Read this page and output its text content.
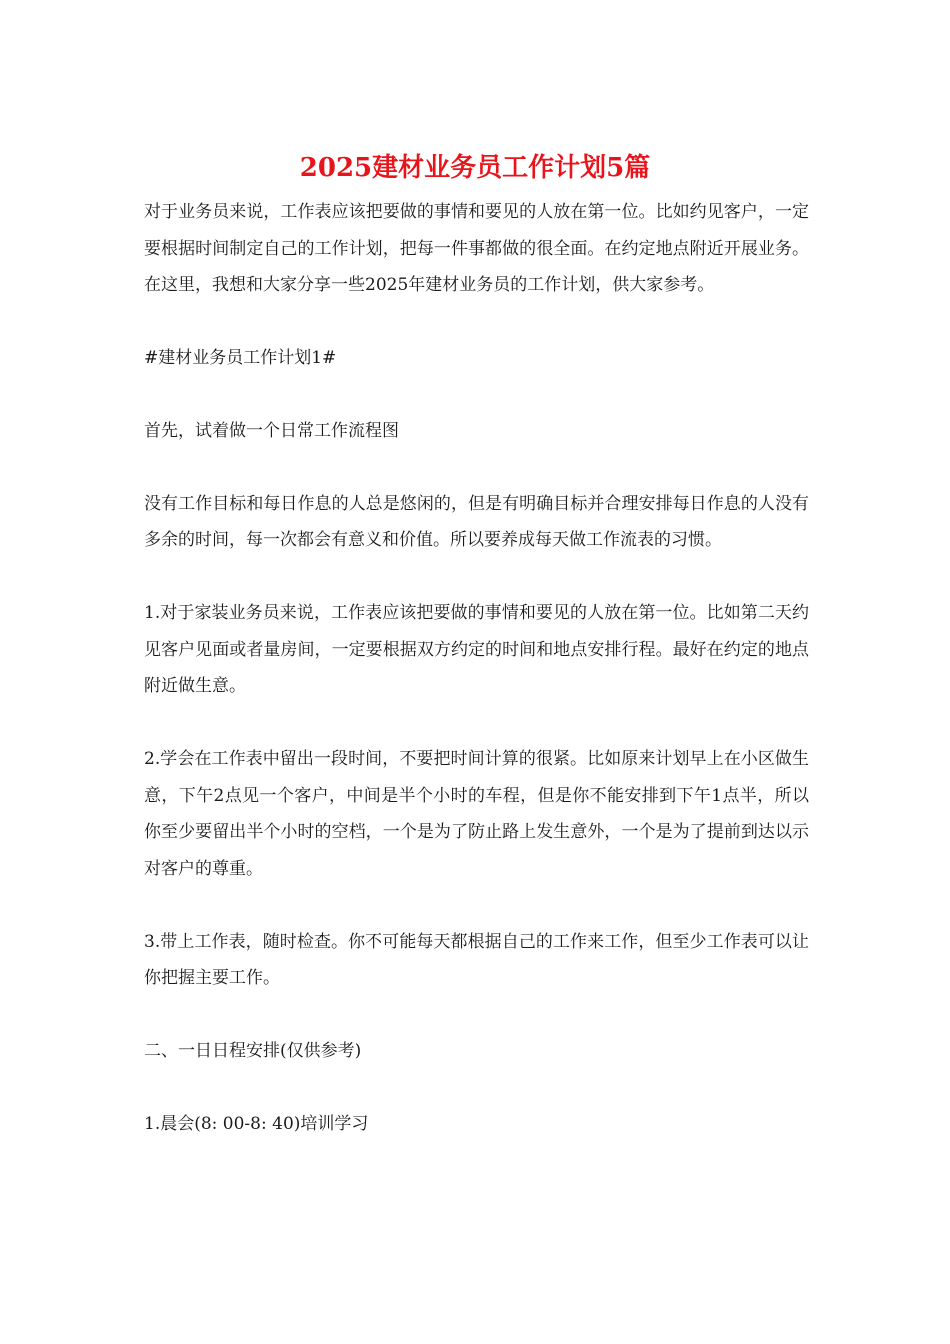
2025建材业务员工作计划5篇

对于业务员来说，工作表应该把要做的事情和要见的人放在第一位。比如约见客户，一定要根据时间制定自己的工作计划，把每一件事都做的很全面。在约定地点附近开展业务。在这里，我想和大家分享一些2025年建材业务员的工作计划，供大家参考。

#建材业务员工作计划1#

首先，试着做一个日常工作流程图

没有工作目标和每日作息的人总是悠闲的，但是有明确目标并合理安排每日作息的人没有多余的时间，每一次都会有意义和价值。所以要养成每天做工作流表的习惯。

1.对于家装业务员来说，工作表应该把要做的事情和要见的人放在第一位。比如第二天约见客户见面或者量房间，一定要根据双方约定的时间和地点安排行程。最好在约定的地点附近做生意。

2.学会在工作表中留出一段时间，不要把时间计算的很紧。比如原来计划早上在小区做生意，下午2点见一个客户，中间是半个小时的车程，但是你不能安排到下午1点半，所以你至少要留出半个小时的空档，一个是为了防止路上发生意外，一个是为了提前到达以示对客户的尊重。

3.带上工作表，随时检查。你不可能每天都根据自己的工作来工作，但至少工作表可以让你把握主要工作。

二、一日日程安排(仅供参考)

1.晨会(8: 00-8: 40)培训学习
